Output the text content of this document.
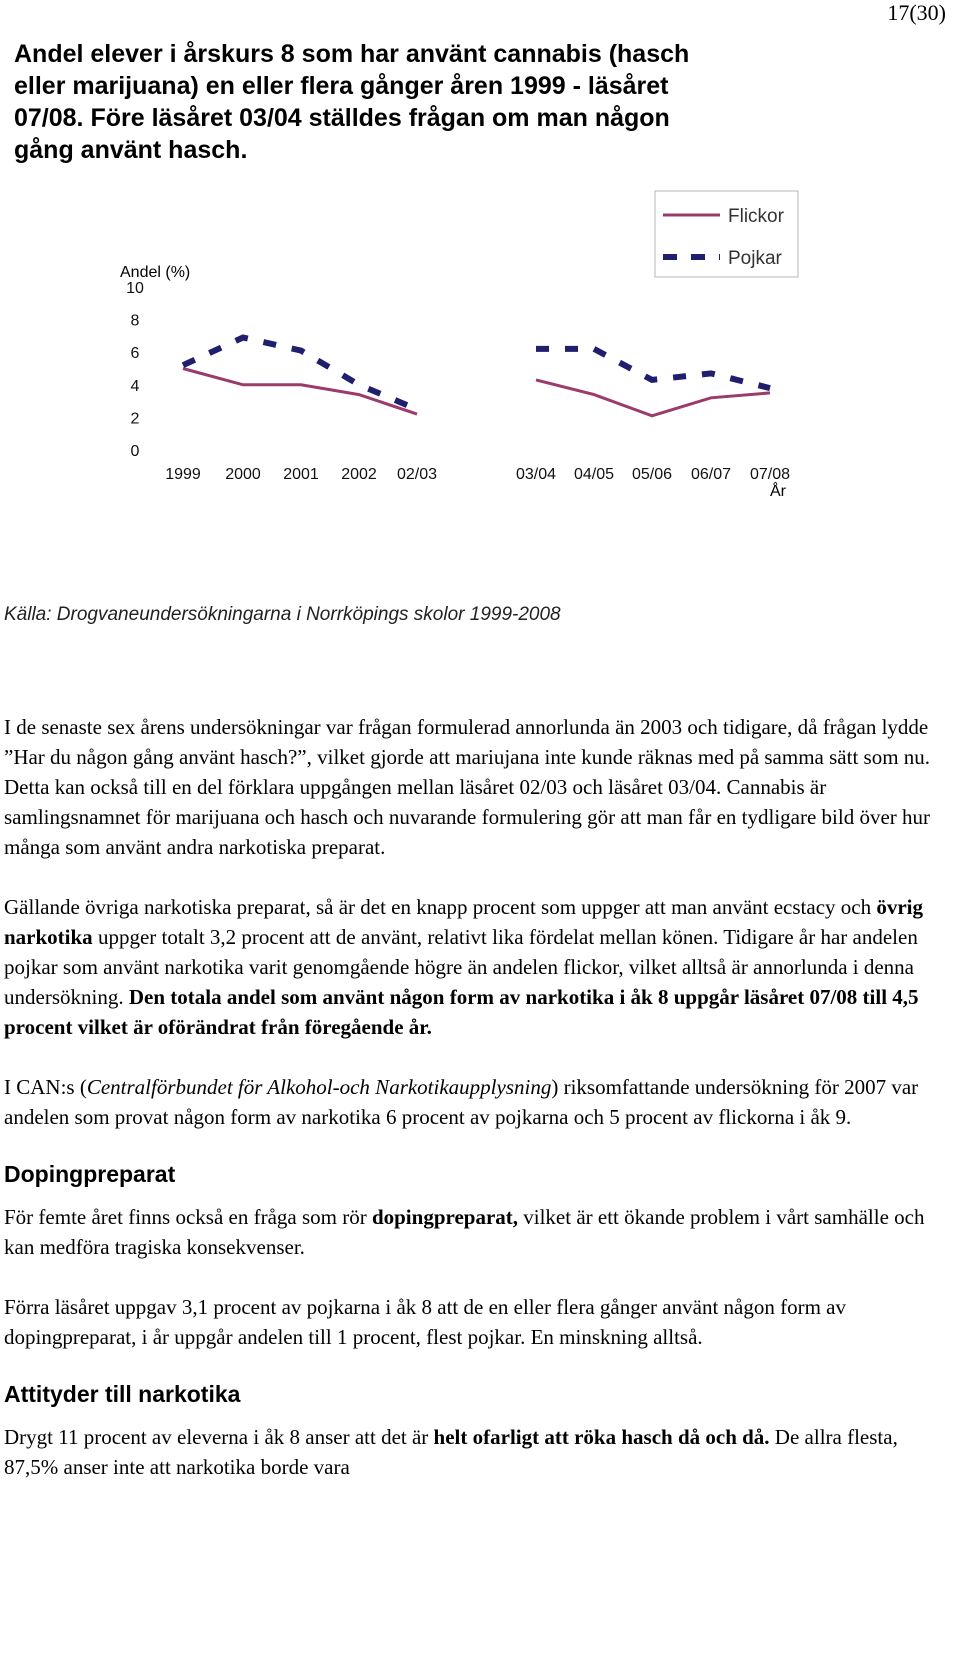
17(30)
Andel elever i årskurs 8 som har använt cannabis (hasch eller marijuana) en eller flera gånger åren 1999 - läsåret 07/08. Före läsåret 03/04 ställdes frågan om man någon gång använt hasch.
Andel (%)
År
0
2
4
6
8
10
1999 2000 2001 2002 02/03	03/04 04/05 05/06 06/07 07/08
Flickor
Pojkar

Källa: Drogvaneundersökningarna i Norrköpings skolor 1999-2008

I de senaste sex årens undersökningar var frågan formulerad annorlunda än 2003 och tidigare, då frågan lydde ”Har du någon gång använt hasch?”, vilket gjorde att mariujana inte kunde räknas med på samma sätt som nu. Detta kan också till en del förklara uppgången mellan läsåret 02/03 och läsåret 03/04. Cannabis är samlingsnamnet för marijuana och hasch och nuvarande formulering gör att man får en tydligare bild över hur många som använt andra narkotiska preparat.

Gällande övriga narkotiska preparat, så är det en knapp procent som uppger att man använt ecstacy och övrig narkotika uppger totalt 3,2 procent att de använt, relativt lika fördelat mellan könen. Tidigare år har andelen pojkar som använt narkotika varit genomgående högre än andelen flickor, vilket alltså är annorlunda i denna undersökning. Den totala andel som använt någon form av narkotika i åk 8 uppgår läsåret 07/08 till 4,5 procent vilket är oförändrat från föregående år.

I CAN:s (Centralförbundet för Alkohol-och Narkotikaupplysning) riksomfattande undersökning för 2007 var andelen som provat någon form av narkotika 6 procent av pojkarna och 5 procent av flickorna i åk 9.

Dopingpreparat

För femte året finns också en fråga som rör dopingpreparat, vilket är ett ökande problem i vårt samhälle och kan medföra tragiska konsekvenser.

Förra läsåret uppgav 3,1 procent av pojkarna i åk 8 att de en eller flera gånger använt någon form av dopingpreparat, i år uppgår andelen till 1 procent, flest pojkar. En minskning alltså.

Attityder till narkotika

Drygt 11 procent av eleverna i åk 8 anser att det är helt ofarligt att röka hasch då och då. De allra flesta, 87,5% anser inte att narkotika borde vara
